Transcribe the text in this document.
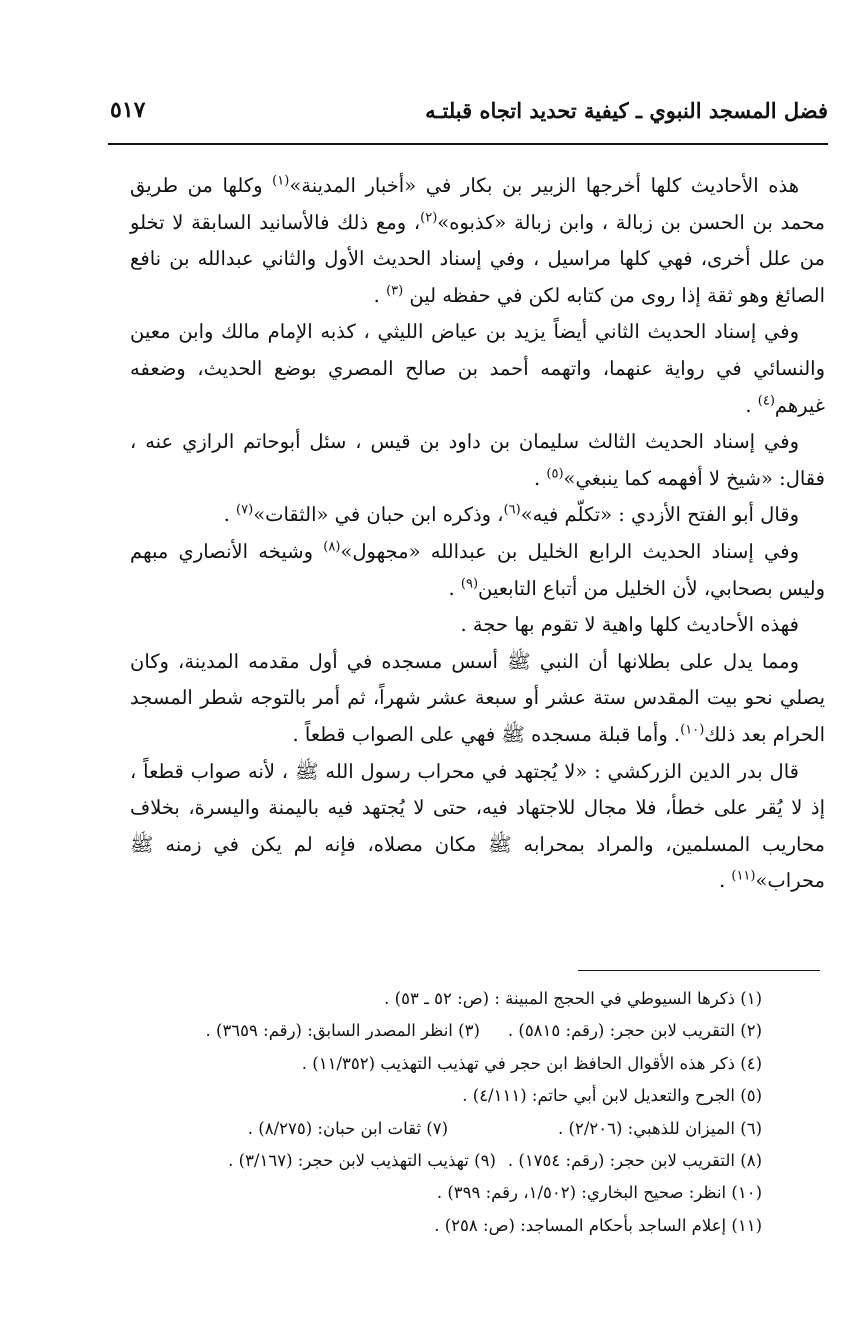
فضل المسجد النبوي ـ كيفية تحديد اتجاه قبلتـه
٥١٧

هذه الأحاديث كلها أخرجها الزبير بن بكار في «أخبار المدينة»$^{(١)}$ وكلها من طريق محمد بن الحسن بن زبالة ، وابن زبالة «كذبوه»$^{(٢)}$، ومع ذلك فالأسانيد السابقة لا تخلو من علل أخرى، فهي كلها مراسيل ، وفي إسناد الحديث الأول والثاني عبدالله بن نافع الصائغ وهو ثقة إذا روى من كتابه لكن في حفظه لين $^{(٣)}$ .

وفي إسناد الحديث الثاني أيضاً يزيد بن عياض الليثي ، كذبه الإمام مالك وابن معين والنسائي في رواية عنهما، واتهمه أحمد بن صالح المصري بوضع الحديث، وضعفه غيرهم$^{(٤)}$ .

وفي إسناد الحديث الثالث سليمان بن داود بن قيس ، سئل أبوحاتم الرازي عنه ، فقال: «شيخ لا أفهمه كما ينبغي»$^{(٥)}$ .

وقال أبو الفتح الأزدي : «تكلّم فيه»$^{(٦)}$، وذكره ابن حبان في «الثقات»$^{(٧)}$ .

وفي إسناد الحديث الرابع الخليل بن عبدالله «مجهول»$^{(٨)}$ وشيخه الأنصاري مبهم وليس بصحابي، لأن الخليل من أتباع التابعين$^{(٩)}$ .

فهذه الأحاديث كلها واهية لا تقوم بها حجة .

ومما يدل على بطلانها أن النبي ﷺ أسس مسجده في أول مقدمه المدينة، وكان يصلي نحو بيت المقدس ستة عشر أو سبعة عشر شهراً، ثم أمر بالتوجه شطر المسجد الحرام بعد ذلك$^{(١٠)}$. وأما قبلة مسجده ﷺ فهي على الصواب قطعاً .

قال بدر الدين الزركشي : «لا يُجتهد في محراب رسول الله ﷺ ، لأنه صواب قطعاً ، إذ لا يُقر على خطأ، فلا مجال للاجتهاد فيه، حتى لا يُجتهد فيه باليمنة واليسرة، بخلاف محاريب المسلمين، والمراد بمحرابه ﷺ مكان مصلاه، فإنه لم يكن في زمنه ﷺ محراب»$^{(١١)}$ .

(١) ذكرها السيوطي في الحجج المبينة : (ص: ٥٢ ـ ٥٣) .
(٢) التقريب لابن حجر: (رقم: ٥٨١٥) .(٣) انظر المصدر السابق: (رقم: ٣٦٥٩) .
(٤) ذكر هذه الأقوال الحافظ ابن حجر في تهذيب التهذيب (١١/٣٥٢) .
(٥) الجرح والتعديل لابن أبي حاتم: (٤/١١١) .
(٦) الميزان للذهبي: (٢/٢٠٦) .(٧) ثقات ابن حبان: (٨/٢٧٥) .
(٨) التقريب لابن حجر: (رقم: ١٧٥٤) .(٩) تهذيب التهذيب لابن حجر: (٣/١٦٧) .
(١٠) انظر: صحيح البخاري: (١/٥٠٢، رقم: ٣٩٩) .
(١١) إعلام الساجد بأحكام المساجد: (ص: ٢٥٨) .
